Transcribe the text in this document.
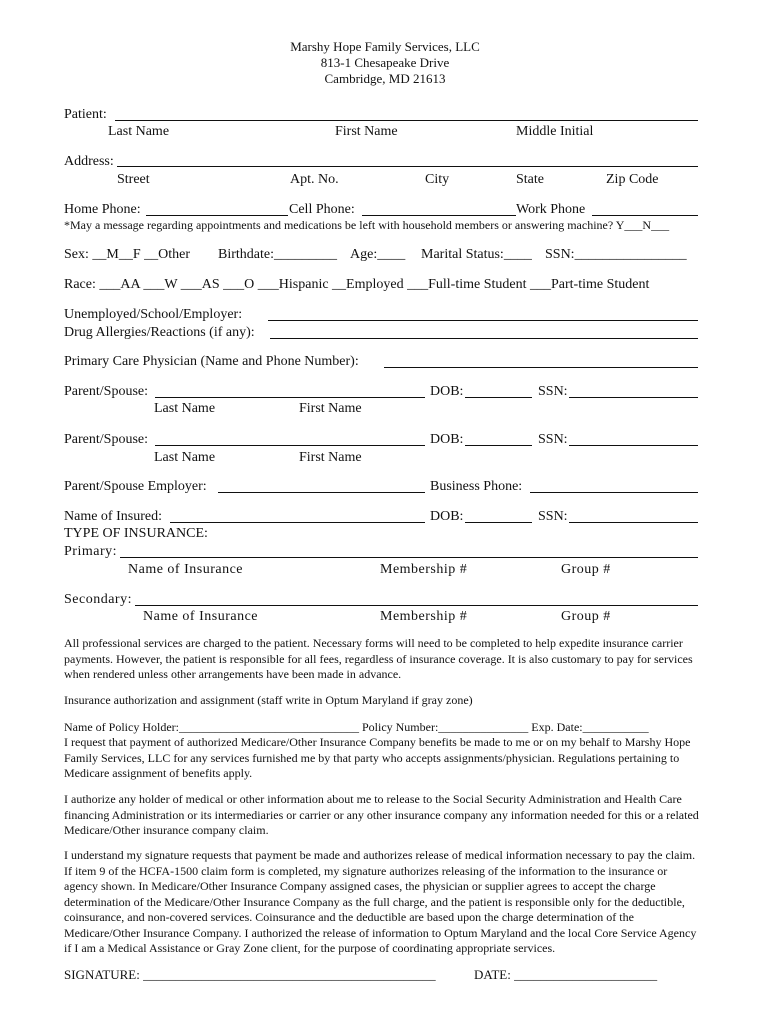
Marshy Hope Family Services, LLC
813-1 Chesapeake Drive
Cambridge, MD 21613
Patient:
Last Name	First Name	Middle Initial
Address:
Street	Apt. No.	City	State	Zip Code
Home Phone:	Cell Phone:	Work Phone
*May a message regarding appointments and medications be left with household members or answering machine? Y___N___
Sex: __M__F __Other Birthdate:_________ Age:____ Marital Status:____ SSN:________________
Race: ___AA ___W ___AS ___O ___Hispanic __Employed ___Full-time Student ___Part-time Student
Unemployed/School/Employer:
Drug Allergies/Reactions (if any):
Primary Care Physician (Name and Phone Number):
Parent/Spouse:	DOB:	SSN:
Last Name	First Name
Parent/Spouse:	DOB:	SSN:
Last Name	First Name
Parent/Spouse Employer:	Business Phone:
Name of Insured:	DOB:	SSN:
TYPE OF INSURANCE:
Primary:
Name of Insurance	Membership #	Group #
Secondary:
Name of Insurance	Membership #	Group #
All professional services are charged to the patient. Necessary forms will need to be completed to help expedite insurance carrier payments. However, the patient is responsible for all fees, regardless of insurance coverage. It is also customary to pay for services when rendered unless other arrangements have been made in advance.
Insurance authorization and assignment (staff write in Optum Maryland if gray zone)
Name of Policy Holder:______________________________ Policy Number:_______________ Exp. Date:___________
I request that payment of authorized Medicare/Other Insurance Company benefits be made to me or on my behalf to Marshy Hope Family Services, LLC for any services furnished me by that party who accepts assignments/physician. Regulations pertaining to Medicare assignment of benefits apply.
I authorize any holder of medical or other information about me to release to the Social Security Administration and Health Care financing Administration or its intermediaries or carrier or any other insurance company any information needed for this or a related Medicare/Other insurance company claim.
I understand my signature requests that payment be made and authorizes release of medical information necessary to pay the claim. If item 9 of the HCFA-1500 claim form is completed, my signature authorizes releasing of the information to the insurance or agency shown. In Medicare/Other Insurance Company assigned cases, the physician or supplier agrees to accept the charge determination of the Medicare/Other Insurance Company as the full charge, and the patient is responsible only for the deductible, coinsurance, and non-covered services. Coinsurance and the deductible are based upon the charge determination of the Medicare/Other Insurance Company. I authorized the release of information to Optum Maryland and the local Core Service Agency if I am a Medical Assistance or Gray Zone client, for the purpose of coordinating appropriate services.
SIGNATURE: _____________________________________________	DATE: ______________________
